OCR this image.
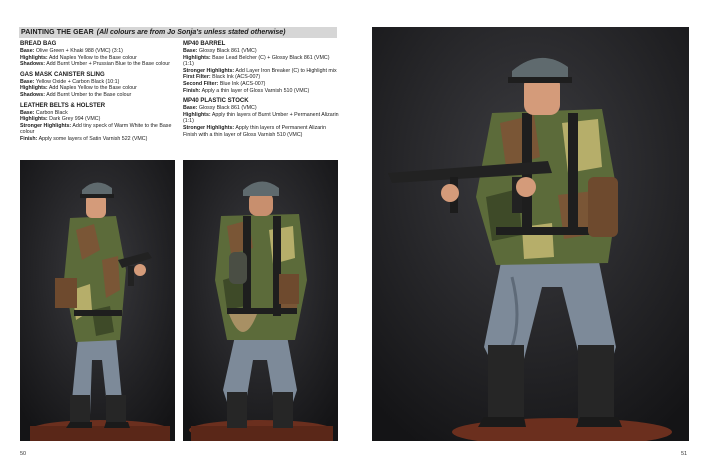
PAINTING THE GEAR (All colours are from Jo Sonja's unless stated otherwise)
BREAD BAG
Base: Olive Green + Khaki 988 (VMC) (3:1)
Highlights: Add Naples Yellow to the Base colour
Shadows: Add Burnt Umber + Prussian Blue to the Base colour
GAS MASK CANISTER SLING
Base: Yellow Oxide + Carbon Black (10:1)
Highlights: Add Naples Yellow to the Base colour
Shadows: Add Burnt Umber to the Base colour
LEATHER BELTS & HOLSTER
Base: Carbon Black
Highlights: Dark Grey 994 (VMC)
Stronger Highlights: Add tiny speck of Warm White to the Base colour
Finish: Apply some layers of Satin Varnish 522 (VMC)
MP40 BARREL
Base: Glossy Black 861 (VMC)
Highlights: Base Lead Belcher (C) + Glossy Black 861 (VMC) (1:1)
Stronger Highlights: Add Layer Iron Breaker (C) to Highlight mix
First Filter: Black Ink (ACS-007)
Second Filter: Blue Ink (ACS-007)
Finish: Apply a thin layer of Gloss Varnish 510 (VMC)
MP40 PLASTIC STOCK
Base: Glossy Black 861 (VMC)
Highlights: Apply thin layers of Burnt Umber + Permanent Alizarin (1:1)
Stronger Highlights: Apply thin layers of Permanent Alizarin
Finish with a thin layer of Gloss Varnish 510 (VMC)
50	51
